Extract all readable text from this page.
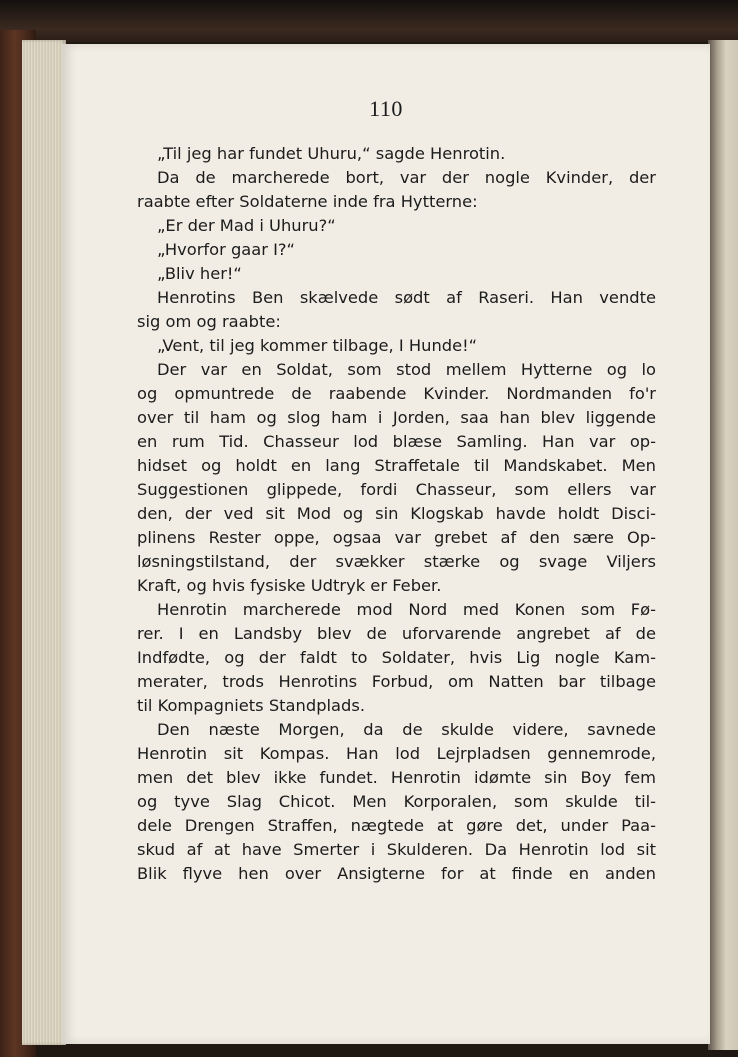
110
„Til jeg har fundet Uhuru,“ sagde Henrotin.
Da de marcherede bort, var der nogle Kvinder, der
raabte efter Soldaterne inde fra Hytterne:
„Er der Mad i Uhuru?“
„Hvorfor gaar I?“
„Bliv her!“
Henrotins Ben skælvede sødt af Raseri. Han vendte
sig om og raabte:
„Vent, til jeg kommer tilbage, I Hunde!“
Der var en Soldat, som stod mellem Hytterne og lo
og opmuntrede de raabende Kvinder. Nordmanden fo'r
over til ham og slog ham i Jorden, saa han blev liggende
en rum Tid. Chasseur lod blæse Samling. Han var op-
hidset og holdt en lang Straffetale til Mandskabet. Men
Suggestionen glippede, fordi Chasseur, som ellers var
den, der ved sit Mod og sin Klogskab havde holdt Disci-
plinens Rester oppe, ogsaa var grebet af den sære Op-
løsningstilstand, der svækker stærke og svage Viljers
Kraft, og hvis fysiske Udtryk er Feber.
Henrotin marcherede mod Nord med Konen som Fø-
rer. I en Landsby blev de uforvarende angrebet af de
Indfødte, og der faldt to Soldater, hvis Lig nogle Kam-
merater, trods Henrotins Forbud, om Natten bar tilbage
til Kompagniets Standplads.
Den næste Morgen, da de skulde videre, savnede
Henrotin sit Kompas. Han lod Lejrpladsen gennemrode,
men det blev ikke fundet. Henrotin idømte sin Boy fem
og tyve Slag Chicot. Men Korporalen, som skulde til-
dele Drengen Straffen, nægtede at gøre det, under Paa-
skud af at have Smerter i Skulderen. Da Henrotin lod sit
Blik flyve hen over Ansigterne for at finde en anden
